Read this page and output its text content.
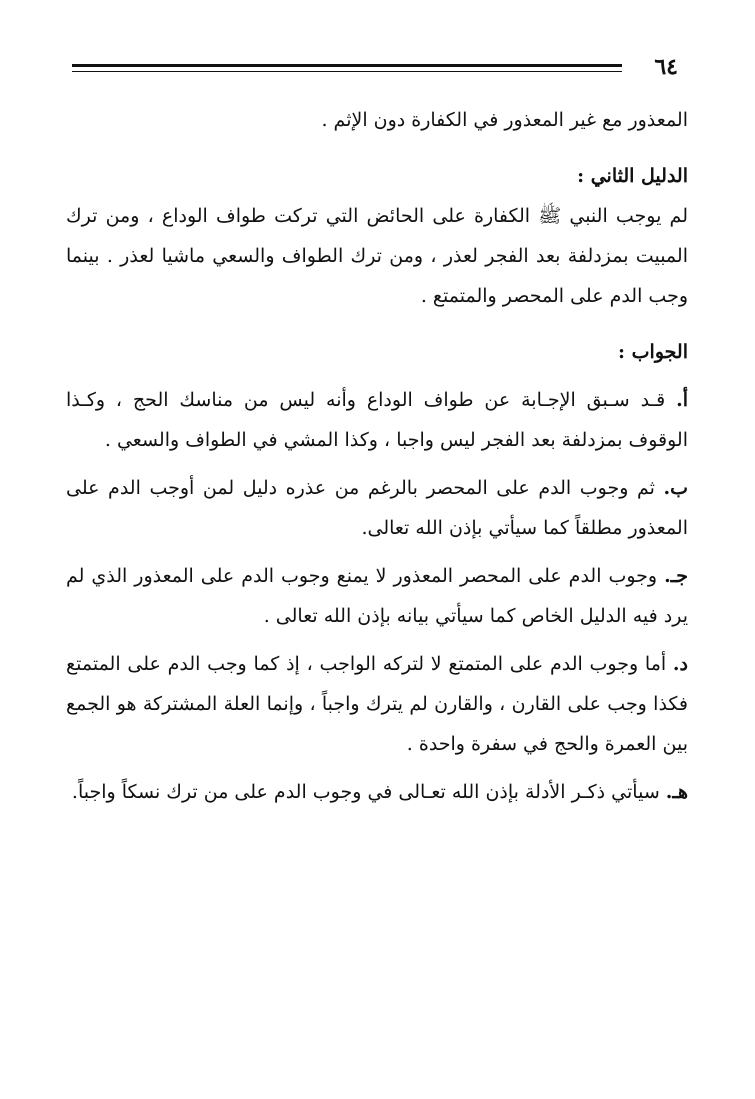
٦٤

المعذور مع غير المعذور في الكفارة دون الإثم .

الدليل الثاني :

لم يوجب النبي ﷺ الكفارة على الحائض التي تركت طواف الوداع ، ومن ترك المبيت بمزدلفة بعد الفجر لعذر ، ومن ترك الطواف والسعي ماشيا لعذر . بينما وجب الدم على المحصر والمتمتع .

الجواب :

أ. قـد سـبق الإجـابة عن طواف الوداع وأنه ليس من مناسك الحج ، وكـذا الوقوف بمزدلفة بعد الفجر ليس واجبا ، وكذا المشي في الطواف والسعي .

ب. ثم وجوب الدم على المحصر بالرغم من عذره دليل لمن أوجب الدم على المعذور مطلقاً كما سيأتي بإذن الله تعالى.

جـ. وجوب الدم على المحصر المعذور لا يمنع وجوب الدم على المعذور الذي لم يرد فيه الدليل الخاص كما سيأتي بيانه بإذن الله تعالى .

د. أما وجوب الدم على المتمتع لا لتركه الواجب ، إذ كما وجب الدم على المتمتع فكذا وجب على القارن ، والقارن لم يترك واجباً ، وإنما العلة المشتركة هو الجمع بين العمرة والحج في سفرة واحدة .

هـ. سيأتي ذكـر الأدلة بإذن الله تعـالى في وجوب الدم على من ترك نسكاً واجباً.
